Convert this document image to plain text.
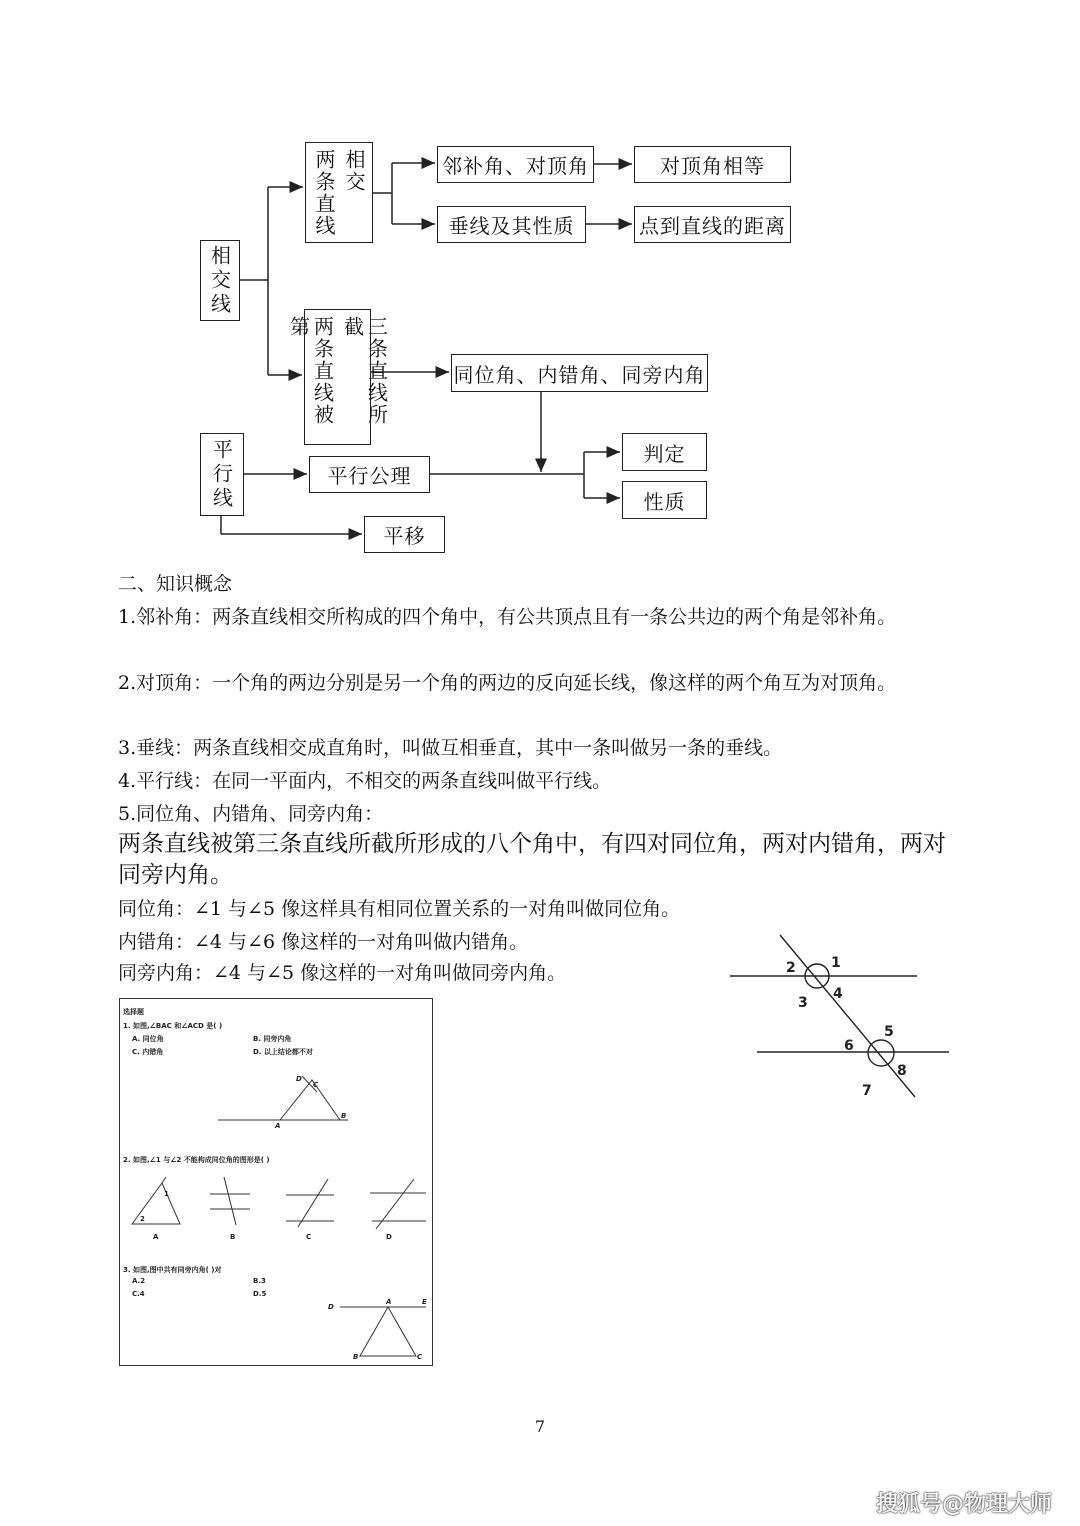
相交线
两条直线 相交
两条直线被第	三条直线所截
邻补角、对顶角	对顶角相等
垂线及其性质	点到直线的距离
同位角、内错角、同旁内角
平行线	平行公理
判定
性质
平移
二、知识概念
1.邻补角：两条直线相交所构成的四个角中，有公共顶点且有一条公共边的两个角是邻补角。
2.对顶角：一个角的两边分别是另一个角的两边的反向延长线，像这样的两个角互为对顶角。
3.垂线：两条直线相交成直角时，叫做互相垂直，其中一条叫做另一条的垂线。
4.平行线：在同一平面内，不相交的两条直线叫做平行线。
5.同位角、内错角、同旁内角：
两条直线被第三条直线所截所形成的八个角中，有四对同位角，两对内错角，两对同旁内角。
同位角：∠1 与∠5 像这样具有相同位置关系的一对角叫做同位角。
内错角：∠4 与∠6 像这样的一对角叫做内错角。
同旁内角：∠4 与∠5 像这样的一对角叫做同旁内角。	1
2
3
4
5
6
7
8
选择题
1. 如图,∠BAC 和∠ACD 是( )
A. 同位角	B. 同旁内角
C. 内错角	D. 以上结论都不对
D
C
A
B
D
A	E
B	C
1
2
2. 如图,∠1 与∠2 不能构成同位角的图形是( )
A	B	C	D
3. 如图,图中共有同旁内角( )对
A.2	B.3
C.4	D.5
7
搜狐号@物理大师
